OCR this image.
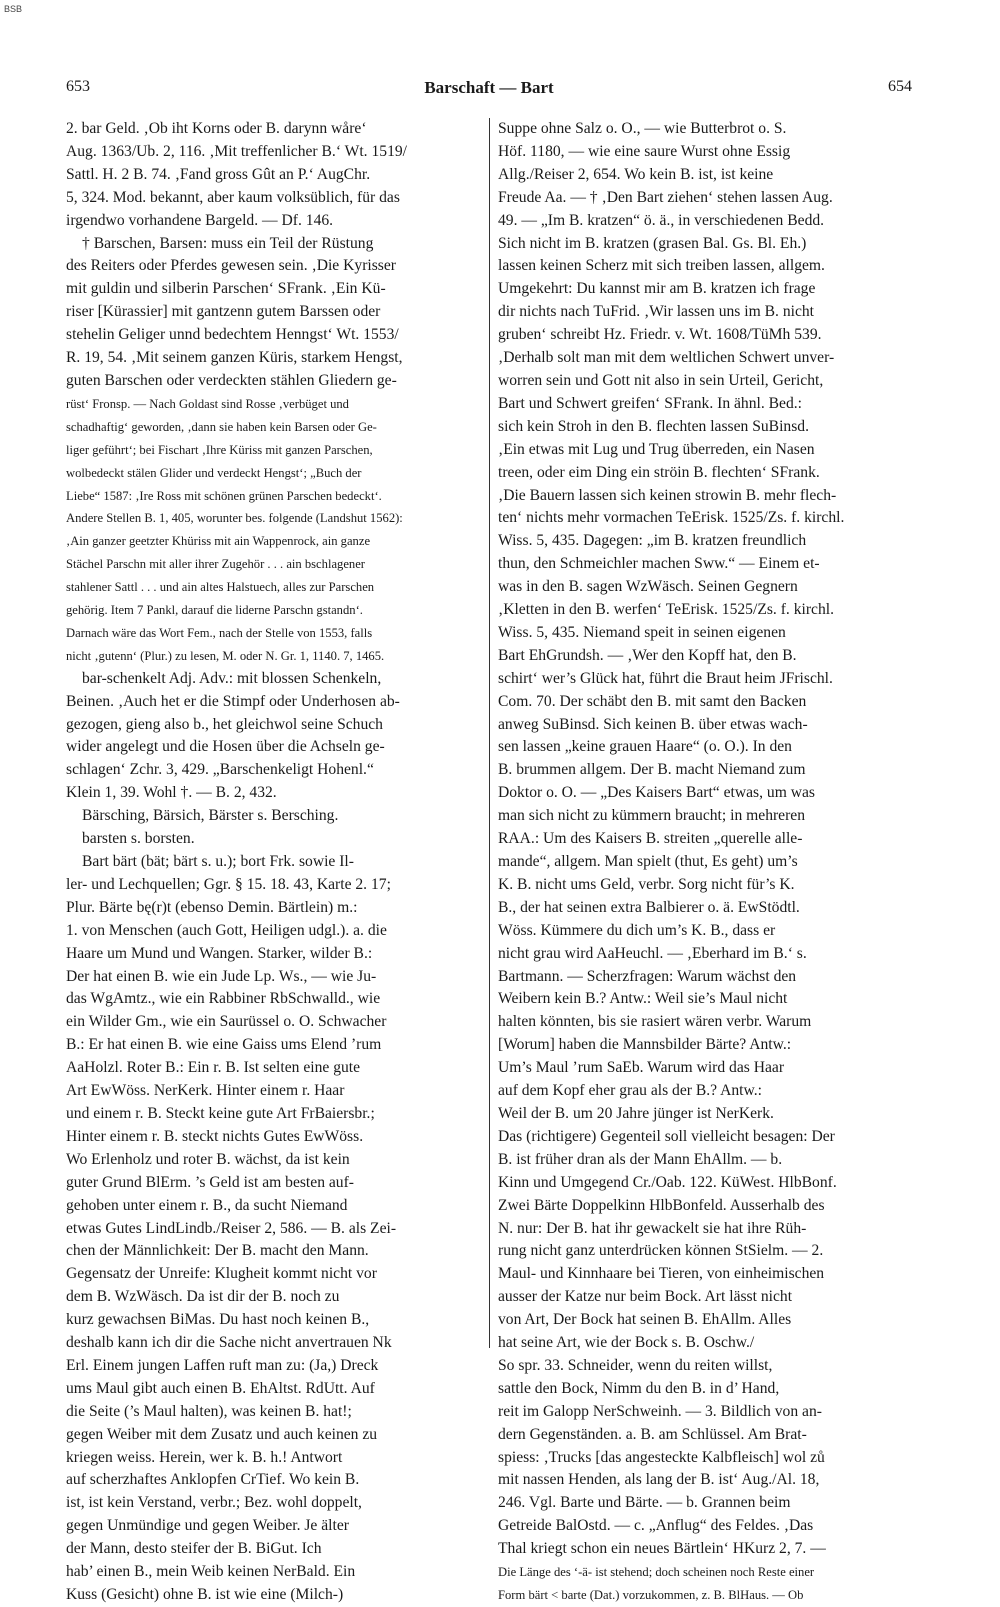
BSB
653	Barschaft — Bart	654
2. bar Geld. ‚Ob iht Korns oder B. darynn wåre‘
Aug. 1363/Ub. 2, 116. ‚Mit treffenlicher B.‘ Wt. 1519/
Sattl. H. 2 B. 74. ‚Fand gross Gût an P.‘ AugChr.
5, 324. Mod. bekannt, aber kaum volksüblich, für das
irgendwo vorhandene Bargeld. — Df. 146.
† Barschen, Barsen: muss ein Teil der Rüstung
des Reiters oder Pferdes gewesen sein. ‚Die Kyrisser
mit guldin und silberin Parschen‘ SFrank. ‚Ein Kü-
riser [Kürassier] mit gantzenn gutem Barssen oder
stehelin Geliger unnd bedechtem Henngst‘ Wt. 1553/
R. 19, 54. ‚Mit seinem ganzen Küris, starkem Hengst,
guten Barschen oder verdeckten stählen Gliedern ge-
rüst‘ Fronsp. — Nach Goldast sind Rosse ‚verbüget und
schadhaftig‘ geworden, ‚dann sie haben kein Barsen oder Ge-
liger geführt‘; bei Fischart ‚Ihre Küriss mit ganzen Parschen,
wolbedeckt stälen Glider und verdeckt Hengst‘; „Buch der
Liebe“ 1587: ‚Ire Ross mit schönen grünen Parschen bedeckt‘.
Andere Stellen B. 1, 405, worunter bes. folgende (Landshut 1562):
‚Ain ganzer geetzter Khüriss mit ain Wappenrock, ain ganze
Stächel Parschn mit aller ihrer Zugehör . . . ain bschlagener
stahlener Sattl . . . und ain altes Halstuech, alles zur Parschen
gehörig. Item 7 Pankl, darauf die liderne Parschn gstandn‘.
Darnach wäre das Wort Fem., nach der Stelle von 1553, falls
nicht ‚gutenn‘ (Plur.) zu lesen, M. oder N. Gr. 1, 1140. 7, 1465.
bar-schenkelt Adj. Adv.: mit blossen Schenkeln,
Beinen. ‚Auch het er die Stimpf oder Underhosen ab-
gezogen, gieng also b., het gleichwol seine Schuch
wider angelegt und die Hosen über die Achseln ge-
schlagen‘ Zchr. 3, 429. „Barschenkeligt Hohenl.“
Klein 1, 39. Wohl †. — B. 2, 432.
Bärsching, Bärsich, Bärster s. Bersching.
barsten s. borsten.
Bart bärt (bät; bärt s. u.); bort Frk. sowie Il-
ler- und Lechquellen; Ggr. § 15. 18. 43, Karte 2. 17;
Plur. Bärte bę(r)t (ebenso Demin. Bärtlein) m.:
1. von Menschen (auch Gott, Heiligen udgl.). a. die
Haare um Mund und Wangen. Starker, wilder B.:
Der hat einen B. wie ein Jude Lp. Ws., — wie Ju-
das WgAmtz., wie ein Rabbiner RbSchwalld., wie
ein Wilder Gm., wie ein Saurüssel o. O. Schwacher
B.: Er hat einen B. wie eine Gaiss ums Elend ’rum
AaHolzl. Roter B.: Ein r. B. Ist selten eine gute
Art EwWöss. NerKerk. Hinter einem r. Haar
und einem r. B. Steckt keine gute Art FrBaiersbr.;
Hinter einem r. B. steckt nichts Gutes EwWöss.
Wo Erlenholz und roter B. wächst, da ist kein
guter Grund BlErm. ’s Geld ist am besten auf-
gehoben unter einem r. B., da sucht Niemand
etwas Gutes LindLindb./Reiser 2, 586. — B. als Zei-
chen der Männlichkeit: Der B. macht den Mann.
Gegensatz der Unreife: Klugheit kommt nicht vor
dem B. WzWäsch. Da ist dir der B. noch zu
kurz gewachsen BiMas. Du hast noch keinen B.,
deshalb kann ich dir die Sache nicht anvertrauen Nk
Erl. Einem jungen Laffen ruft man zu: (Ja,) Dreck
ums Maul gibt auch einen B. EhAltst. RdUtt. Auf
die Seite (’s Maul halten), was keinen B. hat!;
gegen Weiber mit dem Zusatz und auch keinen zu
kriegen weiss. Herein, wer k. B. h.! Antwort
auf scherzhaftes Anklopfen CrTief. Wo kein B.
ist, ist kein Verstand, verbr.; Bez. wohl doppelt,
gegen Unmündige und gegen Weiber. Je älter
der Mann, desto steifer der B. BiGut. Ich
hab’ einen B., mein Weib keinen NerBald. Ein
Kuss (Gesicht) ohne B. ist wie eine (Milch-)
Suppe ohne Salz o. O., — wie Butterbrot o. S.
Höf. 1180, — wie eine saure Wurst ohne Essig
Allg./Reiser 2, 654. Wo kein B. ist, ist keine
Freude Aa. — † ‚Den Bart ziehen‘ stehen lassen Aug.
49. — „Im B. kratzen“ ö. ä., in verschiedenen Bedd.
Sich nicht im B. kratzen (grasen Bal. Gs. Bl. Eh.)
lassen keinen Scherz mit sich treiben lassen, allgem.
Umgekehrt: Du kannst mir am B. kratzen ich frage
dir nichts nach TuFrid. ‚Wir lassen uns im B. nicht
gruben‘ schreibt Hz. Friedr. v. Wt. 1608/TüMh 539.
‚Derhalb solt man mit dem weltlichen Schwert unver-
worren sein und Gott nit also in sein Urteil, Gericht,
Bart und Schwert greifen‘ SFrank. In ähnl. Bed.:
sich kein Stroh in den B. flechten lassen SuBinsd.
‚Ein etwas mit Lug und Trug überreden, ein Nasen
treen, oder eim Ding ein ströin B. flechten‘ SFrank.
‚Die Bauern lassen sich keinen strowin B. mehr flech-
ten‘ nichts mehr vormachen TeErisk. 1525/Zs. f. kirchl.
Wiss. 5, 435. Dagegen: „im B. kratzen freundlich
thun, den Schmeichler machen Sww.“ — Einem et-
was in den B. sagen WzWäsch. Seinen Gegnern
‚Kletten in den B. werfen‘ TeErisk. 1525/Zs. f. kirchl.
Wiss. 5, 435. Niemand speit in seinen eigenen
Bart EhGrundsh. — ‚Wer den Kopff hat, den B.
schirt‘ wer’s Glück hat, führt die Braut heim JFrischl.
Com. 70. Der schäbt den B. mit samt den Backen
anweg SuBinsd. Sich keinen B. über etwas wach-
sen lassen „keine grauen Haare“ (o. O.). In den
B. brummen allgem. Der B. macht Niemand zum
Doktor o. O. — „Des Kaisers Bart“ etwas, um was
man sich nicht zu kümmern braucht; in mehreren
RAA.: Um des Kaisers B. streiten „querelle alle-
mande“, allgem. Man spielt (thut, Es geht) um’s
K. B. nicht ums Geld, verbr. Sorg nicht für’s K.
B., der hat seinen extra Balbierer o. ä. EwStödtl.
Wöss. Kümmere du dich um’s K. B., dass er
nicht grau wird AaHeuchl. — ‚Eberhard im B.‘ s.
Bartmann. — Scherzfragen: Warum wächst den
Weibern kein B.? Antw.: Weil sie’s Maul nicht
halten könnten, bis sie rasiert wären verbr. Warum
[Worum] haben die Mannsbilder Bärte? Antw.:
Um’s Maul ’rum SaEb. Warum wird das Haar
auf dem Kopf eher grau als der B.? Antw.:
Weil der B. um 20 Jahre jünger ist NerKerk.
Das (richtigere) Gegenteil soll vielleicht besagen: Der
B. ist früher dran als der Mann EhAllm. — b.
Kinn und Umgegend Cr./Oab. 122. KüWest. HlbBonf.
Zwei Bärte Doppelkinn HlbBonfeld. Ausserhalb des
N. nur: Der B. hat ihr gewackelt sie hat ihre Rüh-
rung nicht ganz unterdrücken können StSielm. — 2.
Maul- und Kinnhaare bei Tieren, von einheimischen
ausser der Katze nur beim Bock. Art lässt nicht
von Art, Der Bock hat seinen B. EhAllm. Alles
hat seine Art, wie der Bock s. B. Oschw./
So spr. 33. Schneider, wenn du reiten willst,
sattle den Bock, Nimm du den B. in d’ Hand,
reit im Galopp NerSchweinh. — 3. Bildlich von an-
dern Gegenständen. a. B. am Schlüssel. Am Brat-
spiess: ‚Trucks [das angesteckte Kalbfleisch] wol zů
mit nassen Henden, als lang der B. ist‘ Aug./Al. 18,
246. Vgl. Barte und Bärte. — b. Grannen beim
Getreide BalOstd. — c. „Anflug“ des Feldes. ‚Das
Thal kriegt schon ein neues Bärtlein‘ HKurz 2, 7. —
Die Länge des ‘-ä- ist stehend; doch scheinen noch Reste einer
Form bärt < barte (Dat.) vorzukommen, z. B. BlHaus. — Ob
